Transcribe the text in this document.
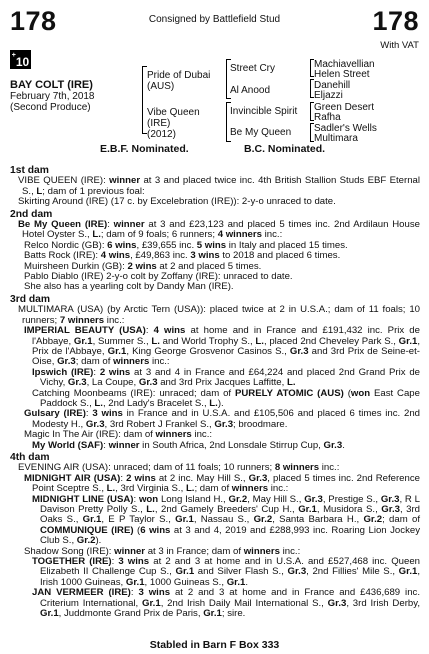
178	Consigned by Battlefield Stud	178
With VAT
+10
BAY COLT (IRE)
February 7th, 2018
(Second Produce)
Pride of Dubai
(AUS)
Vibe Queen
(IRE)
(2012)
Street Cry
Al Anood
Invincible Spirit
Be My Queen
Machiavellian
Helen Street
Danehill
Eljazzi
Green Desert
Rafha
Sadler's Wells
Multimara
E.B.F. Nominated.	B.C. Nominated.

1st dam

VIBE QUEEN (IRE): winner at 3 and placed twice inc. 4th British Stallion Studs EBF Eternal S., L; dam of 1 previous foal:

Skirting Around (IRE) (17 c. by Excelebration (IRE)): 2-y-o unraced to date.

2nd dam

Be My Queen (IRE): winner at 3 and £23,123 and placed 5 times inc. 2nd Ardilaun House Hotel Oyster S., L.; dam of 9 foals; 6 runners; 4 winners inc.:

Relco Nordic (GB): 6 wins, £39,655 inc. 5 wins in Italy and placed 15 times.

Batts Rock (IRE): 4 wins, £49,863 inc. 3 wins to 2018 and placed 6 times.

Muirsheen Durkin (GB): 2 wins at 2 and placed 5 times.

Pablo Diablo (IRE) 2-y-o colt by Zoffany (IRE): unraced to date.

She also has a yearling colt by Dandy Man (IRE).

3rd dam

MULTIMARA (USA) (by Arctic Tern (USA)): placed twice at 2 in U.S.A.; dam of 11 foals; 10 runners; 7 winners inc.:

IMPERIAL BEAUTY (USA): 4 wins at home and in France and £191,432 inc. Prix de l'Abbaye, Gr.1, Summer S., L. and World Trophy S., L., placed 2nd Cheveley Park S., Gr.1, Prix de l'Abbaye, Gr.1, King George Grosvenor Casinos S., Gr.3 and 3rd Prix de Seine-et-Oise, Gr.3; dam of winners inc.:

Ipswich (IRE): 2 wins at 3 and 4 in France and £64,224 and placed 2nd Grand Prix de Vichy, Gr.3, La Coupe, Gr.3 and 3rd Prix Jacques Laffitte, L.

Catching Moonbeams (IRE): unraced; dam of PURELY ATOMIC (AUS) (won East Cape Paddock S., L., 2nd Lady's Bracelet S., L.).

Gulsary (IRE): 3 wins in France and in U.S.A. and £105,506 and placed 6 times inc. 2nd Modesty H., Gr.3, 3rd Robert J Frankel S., Gr.3; broodmare.

Magic In The Air (IRE): dam of winners inc.:

My World (SAF): winner in South Africa, 2nd Lonsdale Stirrup Cup, Gr.3.

4th dam

EVENING AIR (USA): unraced; dam of 11 foals; 10 runners; 8 winners inc.:

MIDNIGHT AIR (USA): 2 wins at 2 inc. May Hill S., Gr.3, placed 5 times inc. 2nd Reference Point Sceptre S., L., 3rd Virginia S., L.; dam of winners inc.:

MIDNIGHT LINE (USA): won Long Island H., Gr.2, May Hill S., Gr.3, Prestige S., Gr.3, R L Davison Pretty Polly S., L., 2nd Gamely Breeders' Cup H., Gr.1, Musidora S., Gr.3, 3rd Oaks S., Gr.1, E P Taylor S., Gr.1, Nassau S., Gr.2, Santa Barbara H., Gr.2; dam of COMMUNIQUE (IRE) (6 wins at 3 and 4, 2019 and £288,993 inc. Roaring Lion Jockey Club S., Gr.2).

Shadow Song (IRE): winner at 3 in France; dam of winners inc.:

TOGETHER (IRE): 3 wins at 2 and 3 at home and in U.S.A. and £527,468 inc. Queen Elizabeth II Challenge Cup S., Gr.1 and Silver Flash S., Gr.3, 2nd Fillies' Mile S., Gr.1, Irish 1000 Guineas, Gr.1, 1000 Guineas S., Gr.1.

JAN VERMEER (IRE): 3 wins at 2 and 3 at home and in France and £436,689 inc. Criterium International, Gr.1, 2nd Irish Daily Mail International S., Gr.3, 3rd Irish Derby, Gr.1, Juddmonte Grand Prix de Paris, Gr.1; sire.

Stabled in Barn F Box 333
